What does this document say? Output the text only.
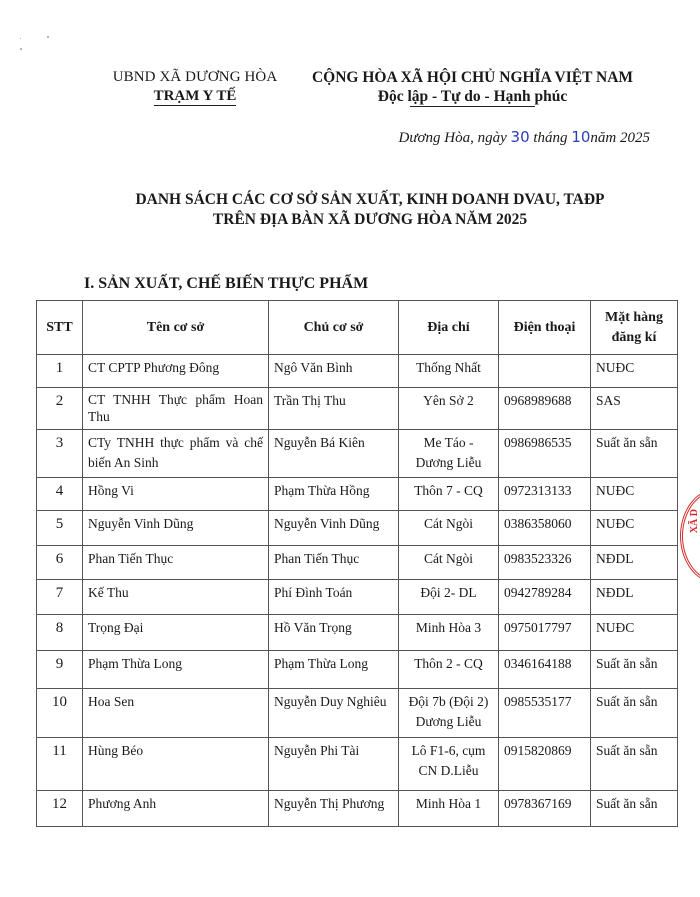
UBND XÃ DƯƠNG HÒA
TRẠM Y TẾ
CỘNG HÒA XÃ HỘI CHỦ NGHĨA VIỆT NAM
Độc lập - Tự do - Hạnh phúc
Dương Hòa, ngày 30 tháng 10năm 2025
DANH SÁCH CÁC CƠ SỞ SẢN XUẤT, KINH DOANH DVAU, TAĐP
TRÊN ĐỊA BÀN XÃ DƯƠNG HÒA NĂM 2025
I. SẢN XUẤT, CHẾ BIẾN THỰC PHẨM
STT	Tên cơ sở	Chủ cơ sở	Địa chỉ	Điện thoại	Mặt hàng đăng kí
1	CT CPTP Phương Đông	Ngô Văn Bình	Thống Nhất		NUĐC
2	CT TNHH Thực phẩm Hoan Thu	Trần Thị Thu	Yên Sở 2	0968989688	SAS
3	CTy TNHH thực phẩm và chế biến An Sinh	Nguyễn Bá Kiên	Me Táo - Dương Liễu	0986986535	Suất ăn sẵn
4	Hồng Vi	Phạm Thừa Hồng	Thôn 7 - CQ	0972313133	NUĐC
5	Nguyễn Vinh Dũng	Nguyễn Vinh Dũng	Cát Ngòi	0386358060	NUĐC
6	Phan Tiến Thục	Phan Tiến Thục	Cát Ngòi	0983523326	NĐDL
7	Kế Thu	Phí Đình Toán	Đội 2- DL	0942789284	NĐDL
8	Trọng Đại	Hồ Văn Trọng	Minh Hòa 3	0975017797	NUĐC
9	Phạm Thừa Long	Phạm Thừa Long	Thôn 2 - CQ	0346164188	Suất ăn sẵn
10	Hoa Sen	Nguyễn Duy Nghiêu	Đội 7b (Đội 2) Dương Liễu	0985535177	Suất ăn sẵn
11	Hùng Béo	Nguyễn Phi Tài	Lô F1-6, cụm CN D.Liễu	0915820869	Suất ăn sẵn
12	Phương Anh	Nguyễn Thị Phương	Minh Hòa 1	0978367169	Suất ăn sẵn
XÃ D
